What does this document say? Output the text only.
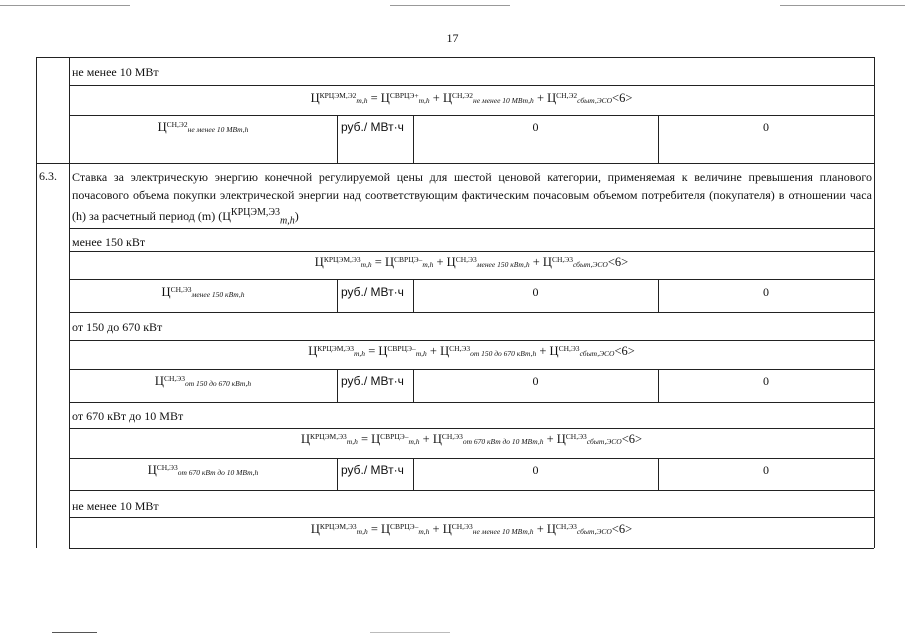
17
не менее 10 МВт
$Ц^{КРЦЭМ,Э2}_{m,h} = Ц^{СВРЦЭ+}_{m,h} + Ц^{СН,Э2}_{не менее 10 МВт,h} + Ц^{СН,Э2}_{сбыт,ЭСО}<6>$
$Ц^{СН,Э2}_{не менее 10 МВт,h}$	руб./ МВт·ч	0	0
6.3. Ставка за электрическую энергию конечной регулируемой цены для шестой ценовой категории, применяемая к величине превышения планового почасового объема покупки электрической энергии над соответствующим фактическим почасовым объемом потребителя (покупателя) в отношении часа (h) за расчетный период (m) $(Ц^{КРЦЭМ,Э3}_{m,h})$
менее 150 кВт
$Ц^{КРЦЭМ,Э3}_{m,h} = Ц^{СВРЦЭ-}_{m,h} + Ц^{СН,Э3}_{менее 150 кВт,h} + Ц^{СН,Э3}_{сбыт,ЭСО}<6>$
$Ц^{СН,Э3}_{менее 150 кВт,h}$	руб./ МВт·ч	0	0
от 150 до 670 кВт
$Ц^{КРЦЭМ,Э3}_{m,h} = Ц^{СВРЦЭ-}_{m,h} + Ц^{СН,Э3}_{от 150 до 670 кВт,h} + Ц^{СН,Э3}_{сбыт,ЭСО}<6>$
$Ц^{СН,Э3}_{от 150 до 670 кВт,h}$	руб./ МВт·ч	0	0
от 670 кВт до 10 МВт
$Ц^{КРЦЭМ,Э3}_{m,h} = Ц^{СВРЦЭ-}_{m,h} + Ц^{СН,Э3}_{от 670 кВт до 10 МВт,h} + Ц^{СН,Э3}_{сбыт,ЭСО}<6>$
$Ц^{СН,Э3}_{от 670 кВт до 10 МВт,h}$	руб./ МВт·ч	0	0
не менее 10 МВт
$Ц^{КРЦЭМ,Э3}_{m,h} = Ц^{СВРЦЭ-}_{m,h} + Ц^{СН,Э3}_{не менее 10 МВт,h} + Ц^{СН,Э3}_{сбыт,ЭСО}<6>$
